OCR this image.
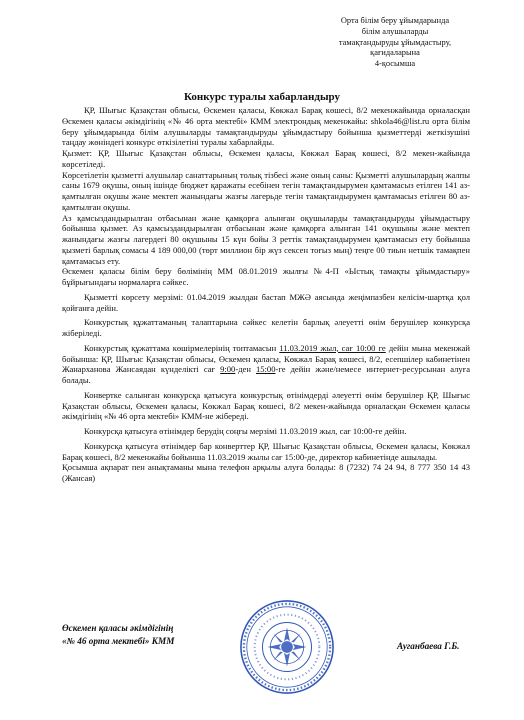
Орта білім беру ұйымдарында
білім алушыларды
тамақтандыруды ұйымдастыру,
қағидаларына
4-қосымша
Конкурс туралы хабарландыру

ҚР, Шығыс Қазақстан облысы, Өскемен қаласы, Көкжал Барақ көшесі, 8/2 мекенжайында орналасқан Өскемен қаласы әкімдігінің «№ 46 орта мектебі» КММ электрондық мекенжайы: shkola46@list.ru орта білім беру ұйымдарында білім алушыларды тамақтандыруды ұйымдастыру бойынша қызметтерді жеткізушіні таңдау жөніндегі конкурс өткізілетіні туралы хабарлайды.

Қызмет: ҚР, Шығыс Қазақстан облысы, Өскемен қаласы, Көкжал Барақ көшесі, 8/2 мекен-жайында көрсетіледі.

Көрсетілетін қызметті алушылар санаттарының толық тізбесі және оның саны: Қызметті алушылардың жалпы саны 1679 оқушы, оның ішінде бюджет қаражаты есебінен тегін тамақтандырумен қамтамасыз етілген 141 аз-қамтылған оқушы және мектеп жанындағы жазғы лагерьде тегін тамақтандырумен қамтамасыз етілген 80 аз-қамтылған оқушы.

Аз қамсыздандырылған отбасынан және қамқорға алынған оқушыларды тамақтандыруды ұйымдастыру бойынша қызмет. Аз қамсыздандырылған отбасынан және қамқорға алынған 141 оқушыны және мектеп жанындағы жазғы лагердегі 80 оқушыны 15 күн бойы 3 реттік тамақтандырумен қамтамасыз ету бойынша қызметі барлық сомасы 4 189 000,00 (төрт миллион бір жүз сексен тоғыз мың) теңге 00 тиын нетшік тамақпен қамтамасыз ету.

Өскемен қаласы білім беру бөлімінің ММ 08.01.2019 жылғы №4-П «Ыстық тамақты ұйымдастыру» бұйрығындағы нормаларға сәйкес.

Қызметті көрсету мерзімі: 01.04.2019 жылдан бастап МЖӘ аясында жеңімпазбен келісім-шартқа қол қойғанға дейін.

Конкурстық құжаттаманың талаптарына сәйкес келетін барлық әлеуетті өнім берушілер конкурсқа жіберіледі.

Конкурстық құжаттама көшірмелерінің топтамасын 11.03.2019 жыл, сағ 10:00 ге дейін мына мекенжай бойынша: ҚР, Шығыс Қазақстан облысы, Өскемен қаласы, Көкжал Барақ көшесі, 8/2, есепшілер кабинетінен Жанархановa Жансаядан күнделікті сағ 9:00-ден 15:00-ге дейін және/немесе интернет-ресурсынан алуға болады.

Конвертке салынған конкурсқа қатысуға конкурстық өтінімдерді әлеуетті өнім берушілер ҚР, Шығыс Қазақстан облысы, Өскемен қаласы, Көкжал Барақ көшесі, 8/2 мекен-жайында орналасқан Өскемен қаласы әкімдігінің «№ 46 орта мектебі» КММ-не жібереді.

Конкурсқа қатысуға өтінімдер берудің соңғы мерзімі 11.03.2019 жыл, сағ 10:00-ге дейін.

Конкурсқа қатысуға өтінімдер бар конверттер ҚР, Шығыс Қазақстан облысы, Өскемен қаласы, Көкжал Барақ көшесі, 8/2 мекенжайы бойынша 11.03.2019 жылы сағ 15:00-де, директор кабинетінде ашылады.

Қосымша ақпарат пен анықтаманы мына телефон арқылы алуға болады: 8 (7232) 74 24 94, 8 777 350 14 43 (Жансая)

Өскемен қаласы әкімдігінің
«№ 46 орта мектебі» КММ	Ауганбаева Г.Б.
